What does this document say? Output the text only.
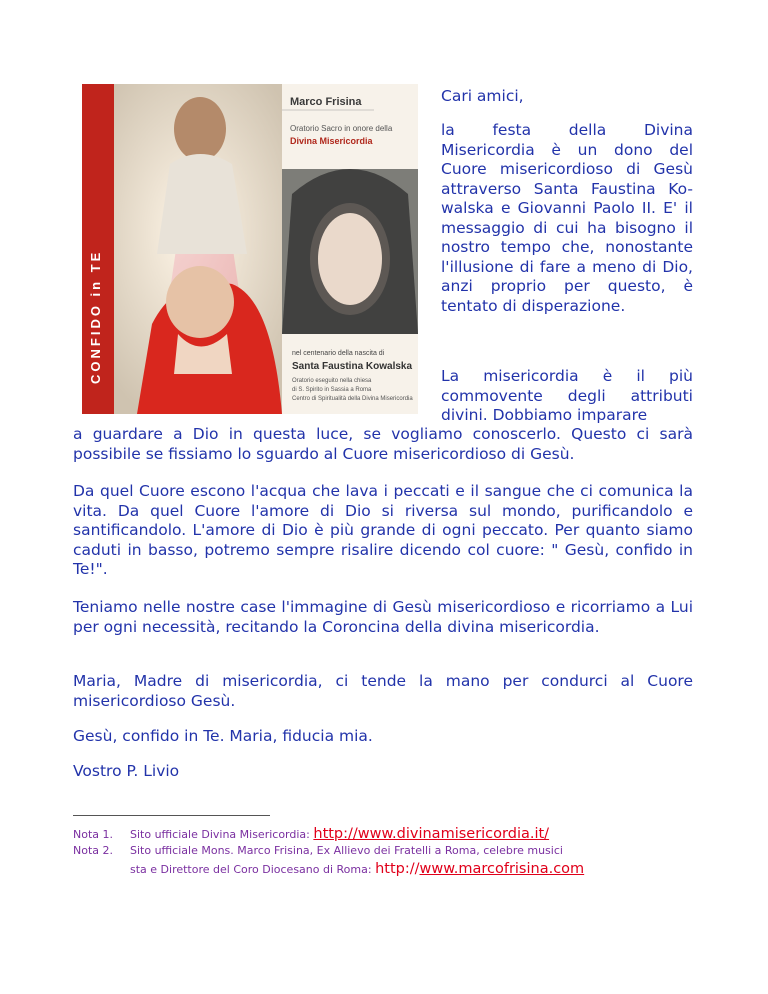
CONFIDO in TE
Marco Frisina
Oratorio Sacro in onore della
Divina Misericordia
nel centenario della nascita di
Santa Faustina Kowalska
Oratorio eseguito nella chiesa
di S. Spirito in Sassia a Roma
Centro di Spiritualità della Divina Misericordia
Cari amici,
la festa della Divina Misericordia è un dono del Cuore misericordioso di Gesù attraverso Santa Faustina Ko-walska e Giovanni Paolo II. E' il messaggio di cui ha bisogno il nostro tempo che, nonostante l'illusione di fare a meno di Dio, anzi proprio per questo, è tentato di disperazione.
La misericordia è il più commovente degli attributi divini. Dobbiamo imparare
a guardare a Dio in questa luce, se vogliamo conoscerlo. Questo ci sarà possibile se fissiamo lo sguardo al Cuore misericordioso di Gesù.
Da quel Cuore escono l'acqua che lava i peccati e il sangue che ci comunica la vita. Da quel Cuore l'amore di Dio si riversa sul mondo, purificandolo e santificandolo. L'amore di Dio è più grande di ogni peccato. Per quanto siamo caduti in basso, potremo sempre risalire dicendo col cuore: " Gesù, confido in Te!".
Teniamo nelle nostre case l'immagine di Gesù misericordioso e ricorriamo a Lui per ogni necessità, recitando la Coroncina della divina misericordia.
Maria, Madre di misericordia, ci tende la mano per condurci al Cuore misericordioso Gesù.
Gesù, confido in Te. Maria, fiducia mia.
Vostro P. Livio
Nota 1. Sito ufficiale Divina Misericordia: http://www.divinamisericordia.it/
Nota 2. Sito ufficiale Mons. Marco Frisina, Ex Allievo dei Fratelli a Roma, celebre musici
sta e Direttore del Coro Diocesano di Roma: http://www.marcofrisina.com
